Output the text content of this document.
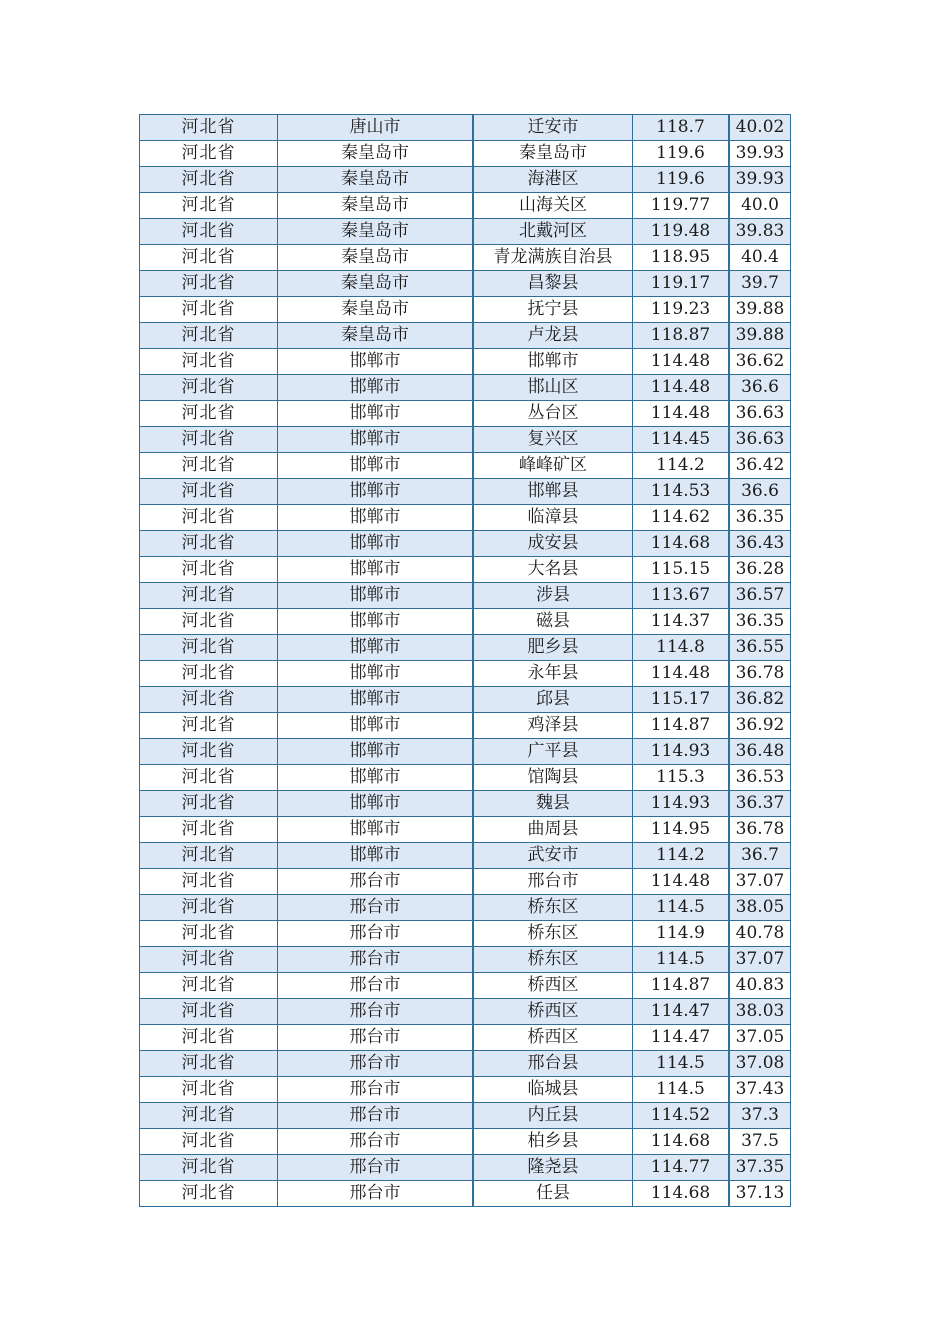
河北省	唐山市	迁安市	118.7	40.02
河北省	秦皇岛市	秦皇岛市	119.6	39.93
河北省	秦皇岛市	海港区	119.6	39.93
河北省	秦皇岛市	山海关区	119.77	40.0
河北省	秦皇岛市	北戴河区	119.48	39.83
河北省	秦皇岛市	青龙满族自治县	118.95	40.4
河北省	秦皇岛市	昌黎县	119.17	39.7
河北省	秦皇岛市	抚宁县	119.23	39.88
河北省	秦皇岛市	卢龙县	118.87	39.88
河北省	邯郸市	邯郸市	114.48	36.62
河北省	邯郸市	邯山区	114.48	36.6
河北省	邯郸市	丛台区	114.48	36.63
河北省	邯郸市	复兴区	114.45	36.63
河北省	邯郸市	峰峰矿区	114.2	36.42
河北省	邯郸市	邯郸县	114.53	36.6
河北省	邯郸市	临漳县	114.62	36.35
河北省	邯郸市	成安县	114.68	36.43
河北省	邯郸市	大名县	115.15	36.28
河北省	邯郸市	涉县	113.67	36.57
河北省	邯郸市	磁县	114.37	36.35
河北省	邯郸市	肥乡县	114.8	36.55
河北省	邯郸市	永年县	114.48	36.78
河北省	邯郸市	邱县	115.17	36.82
河北省	邯郸市	鸡泽县	114.87	36.92
河北省	邯郸市	广平县	114.93	36.48
河北省	邯郸市	馆陶县	115.3	36.53
河北省	邯郸市	魏县	114.93	36.37
河北省	邯郸市	曲周县	114.95	36.78
河北省	邯郸市	武安市	114.2	36.7
河北省	邢台市	邢台市	114.48	37.07
河北省	邢台市	桥东区	114.5	38.05
河北省	邢台市	桥东区	114.9	40.78
河北省	邢台市	桥东区	114.5	37.07
河北省	邢台市	桥西区	114.87	40.83
河北省	邢台市	桥西区	114.47	38.03
河北省	邢台市	桥西区	114.47	37.05
河北省	邢台市	邢台县	114.5	37.08
河北省	邢台市	临城县	114.5	37.43
河北省	邢台市	内丘县	114.52	37.3
河北省	邢台市	柏乡县	114.68	37.5
河北省	邢台市	隆尧县	114.77	37.35
河北省	邢台市	任县	114.68	37.13
